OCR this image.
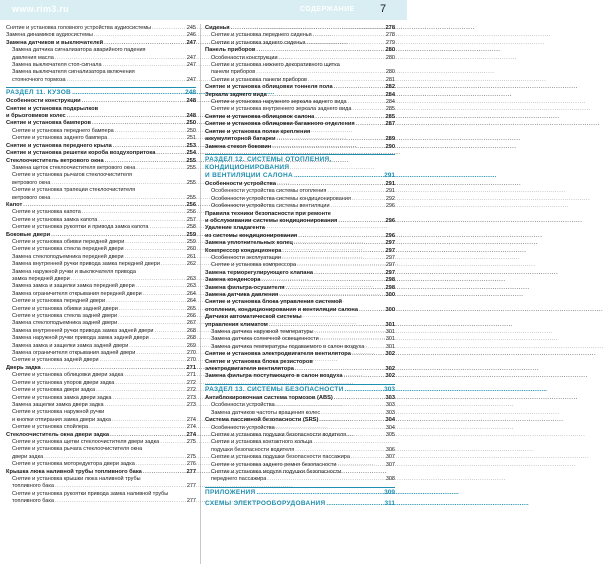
www.rim3.ru	СОДЕРЖАНИЕ 7
Снятие и установка головного устройства аудиосистемы .....	245
Замена динамиков аудиосистемы .....	246
Замена датчиков и выключателей .....	247
Замена датчика сигнализатора аварийного падения
давления масла .....	247
Замена выключателя стоп-сигнала .....	247
Замена выключателя сигнализатора включения
стояночного тормоза .....	247
РАЗДЕЛ 11. КУЗОВ .....	248
Особенности конструкции .....	248
Снятие и установка подкрылков
и брызговиков колес .....	248
Снятие и установка бамперов .....	250
Снятие и установка переднего бампера .....	250
Снятие и установка заднего бампера .....	251
Снятие и установка переднего крыла .....	253
Снятие и установка решетки короба воздухопритока .....	254
Стеклоочиститель ветрового окна .....	255
Замена щеток стеклоочистителя ветрового окна .....	255
Снятие и установка рычагов стеклоочистителя
ветрового окна .....	255
Снятие и установка трапеции стеклоочистителя
ветрового окна .....	255
Капот .....	256
Снятие и установка капота .....	256
Снятие и установка замка капота .....	257
Снятие и установка рукоятки и привода замка капота .....	258
Боковые двери .....	259
Снятие и установка обивки передней двери .....	259
Снятие и установка стекла передней двери .....	260
Замена стеклоподъемника передней двери .....	261
Замена внутренней ручки привода замка передней двери .....	262
Замена наружной ручки и выключателя привода
замка передней двери .....	263
Замена замка и защелки замка передней двери .....	263
Замена ограничителя открывания передней двери .....	264
Снятие и установка передней двери .....	264
Снятие и установка обивки задней двери .....	265
Снятие и установка стекла задней двери .....	266
Замена стеклоподъемника задней двери .....	267
Замена внутренней ручки привода замка задней двери .....	268
Замена наружной ручки привода замка задней двери .....	268
Замена замка и защелки замка задней двери .....	269
Замена ограничителя открывания задней двери .....	270
Снятие и установка задней двери .....	270
Дверь задка .....	271
Снятие и установка облицовки двери задка .....	271
Снятие и установка упоров двери задка .....	272
Снятие и установка двери задка .....	272
Снятие и установка замка двери задка .....	273
Замена защелки замка двери задка .....	273
Снятие и установка наружной ручки
и кнопки отпирания замка двери задка .....	274
Снятие и установка спойлера .....	274
Стеклоочиститель окна двери задка .....	274
Снятие и установка щетки стеклоочистителя двери задка .....	275
Снятие и установка рычага стеклоочистителя окна
двери задка .....	275
Снятие и установка моторедуктора двери задка .....	276
Крышка люка наливной трубы топливного бака .....	277
Снятие и установка крышки люка наливной трубы
топливного бака .....	277
Снятие и установка рукоятки привода замка наливной трубы
топливного бака .....	277
Сиденья .....	278
Снятие и установка переднего сиденья .....	278
Снятие и установка заднего сиденья .....	279
Панель приборов .....	280
Особенности конструкции .....	280
Снятие и установка нижнего декоративного щитка
панели приборов .....	280
Снятие и установка панели приборов .....	281
Снятие и установка облицовки тоннеля пола .....	282
Зеркала заднего вида .....	284
Снятие и установка наружного зеркала заднего вида .....	284
Снятие и установка внутреннего зеркала заднего вида .....	285
Снятие и установка облицовок салона .....	285
Снятие и установка облицовки багажного отделения .....	287
Снятие и установка полки крепления
аккумуляторной батареи .....	289
Замена стекол боковин .....	290
РАЗДЕЛ 12. СИСТЕМЫ ОТОПЛЕНИЯ,
КОНДИЦИОНИРОВАНИЯ
И ВЕНТИЛЯЦИИ САЛОНА .....	291
Особенности устройства .....	291
Особенности устройства системы отопления .....	291
Особенности устройства системы кондиционирования .....	292
Особенности устройства системы вентиляции .....	296
Правила техники безопасности при ремонте
и обслуживании системы кондиционирования .....	296
Удаление хладагента
из системы кондиционирования .....	296
Замена уплотнительных колец .....	297
Компрессор кондиционера .....	297
Особенности эксплуатации .....	297
Снятие и установка компрессора .....	297
Замена терморегулирующего клапана .....	297
Замена конденсора .....	298
Замена фильтра-осушителя .....	298
Замена датчика давления .....	300
Снятие и установка блока управления системой
отопления, кондиционирования и вентиляции салона .....	300
Датчики автоматической системы
управления климатом .....	301
Замена датчика наружной температуры .....	301
Замена датчика солнечной освещенности .....	301
Замена датчика температуры подаваемого в салон воздуха .....	301
Снятие и установка электродвигателя вентилятора .....	302
Снятие и установка блока резисторов
электродвигателя вентилятора .....	302
Замена фильтра поступающего в салон воздуха .....	302
РАЗДЕЛ 13. СИСТЕМЫ БЕЗОПАСНОСТИ .....	303
Антиблокировочная система тормозов (ABS) .....	303
Особенности устройства .....	303
Замена датчиков частоты вращения колес .....	303
Система пассивной безопасности (SRS) .....	304
Особенности устройства .....	304
Снятие и установка подушки безопасности водителя .....	305
Снятие и установка контактного кольца
подушки безопасности водителя .....	306
Снятие и установка подушки безопасности пассажира .....	307
Снятие и установка заднего ремня безопасности .....	307
Снятие и установка модуля подушки безопасности
переднего пассажира .....	308
ПРИЛОЖЕНИЯ .....	309
СХЕМЫ ЭЛЕКТРООБОРУДОВАНИЯ .....	311
